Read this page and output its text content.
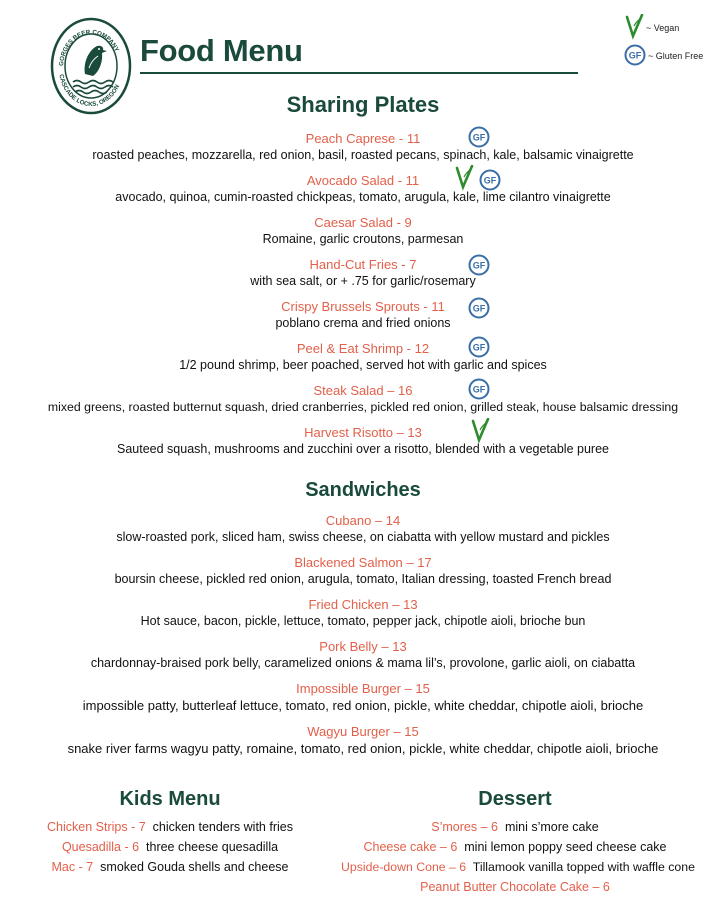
GORGES BEER COMPANY
CASCADE LOCKS, OREGON
Food Menu
~ Vegan
GF ~ Gluten Free
Sharing Plates
Peach Caprese - 11
roasted peaches, mozzarella, red onion, basil, roasted pecans, spinach, kale, balsamic vinaigrette
Avocado Salad - 11
avocado, quinoa, cumin-roasted chickpeas, tomato, arugula, kale, lime cilantro vinaigrette
Caesar Salad - 9
Romaine, garlic croutons, parmesan
Hand-Cut Fries - 7
with sea salt, or + .75 for garlic/rosemary
Crispy Brussels Sprouts - 11
poblano crema and fried onions
Peel & Eat Shrimp - 12
1/2 pound shrimp, beer poached, served hot with garlic and spices
Steak Salad – 16
mixed greens, roasted butternut squash, dried cranberries, pickled red onion, grilled steak, house balsamic dressing
Harvest Risotto – 13
Sauteed squash, mushrooms and zucchini over a risotto, blended with a vegetable puree
GF
GF
GF
GF
GF
GF
Sandwiches
Cubano – 14
slow-roasted pork, sliced ham, swiss cheese, on ciabatta with yellow mustard and pickles
Blackened Salmon – 17
boursin cheese, pickled red onion, arugula, tomato, Italian dressing, toasted French bread
Fried Chicken – 13
Hot sauce, bacon, pickle, lettuce, tomato, pepper jack, chipotle aioli, brioche bun
Pork Belly – 13
chardonnay-braised pork belly, caramelized onions & mama lil’s, provolone, garlic aioli, on ciabatta
Impossible Burger – 15
impossible patty, butterleaf lettuce, tomato, red onion, pickle, white cheddar, chipotle aioli, brioche
Wagyu Burger – 15
snake river farms wagyu patty, romaine, tomato, red onion, pickle, white cheddar, chipotle aioli, brioche
Kids Menu
Chicken Strips - 7 chicken tenders with fries
Quesadilla - 6 three cheese quesadilla
Mac - 7 smoked Gouda shells and cheese
Dessert
S’mores – 6 mini s’more cake
Cheese cake – 6 mini lemon poppy seed cheese cake
Upside-down Cone – 6 Tillamook vanilla topped with waffle cone
Peanut Butter Chocolate Cake – 6
